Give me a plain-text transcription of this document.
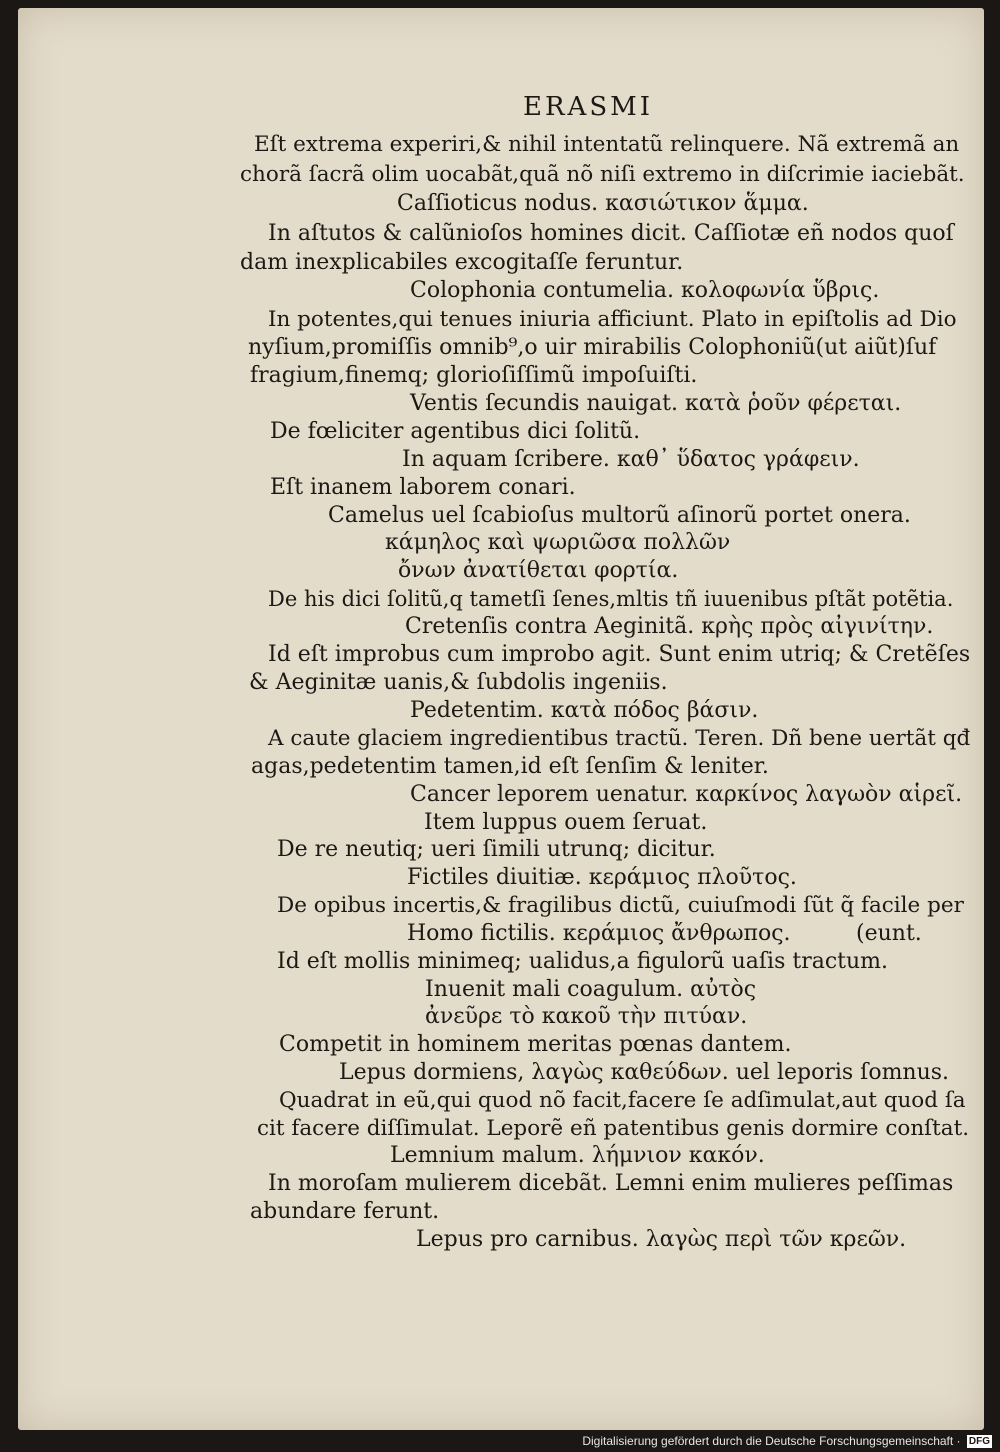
ERASMI

Eſt extrema experiri,& nihil intentatũ relinquere. Nã extremã an

chorã ſacrã olim uocabãt,quã nõ niſi extremo in diſcrimie iaciebãt.

Caſſioticus nodus. κασιώτικον ἅμμα.

In aſtutos & calũnioſos homines dicit. Caſſiotæ eñ nodos quoſ

dam inexplicabiles excogitaſſe feruntur.

Colophonia contumelia. κολοφωνία ὕβρις.

In potentes,qui tenues iniuria afficiunt. Plato in epiſtolis ad Dio

nyſium,promiſſis omnib⁹,o uir mirabilis Colophoniũ(ut aiũt)ſuf

fragium,finemq; glorioſiſſimũ impoſuiſti.

Ventis ſecundis nauigat. κατὰ ῥοῦν φέρεται.

De fœliciter agentibus dici ſolitũ.

In aquam ſcribere. καθ᾽ ὕδατος γράφειν.

Eſt inanem laborem conari.

Camelus uel ſcabioſus multorũ aſinorũ portet onera.

κάμηλος καὶ ψωριῶσα πολλῶν

ὄνων ἀνατίθεται φορτία.

De his dici ſolitũ,q tametſi ſenes,mltis tñ iuuenibus pſtãt potẽtia.

Cretenſis contra Aeginitã. κρὴς πρὸς αἰγινίτην.

Id eſt improbus cum improbo agit. Sunt enim utriq; & Cretẽſes

& Aeginitæ uanis,& ſubdolis ingeniis.

Pedetentim. κατὰ πόδος βάσιν.

A caute glaciem ingredientibus tractũ. Teren. Dñ bene uertãt qđ

agas,pedetentim tamen,id eſt ſenſim & leniter.

Cancer leporem uenatur. καρκίνος λαγωὸν αἱρεῖ.

Item luppus ouem ſeruat.

De re neutiq; ueri ſimili utrunq; dicitur.

Fictiles diuitiæ. κεράμιος πλοῦτος.

De opibus incertis,& fragilibus dictũ, cuiuſmodi ſũt q̃ facile per

Homo fictilis. κεράμιος ἄνθρωπος.	(eunt.

Id eſt mollis minimeq; ualidus,a figulorũ uaſis tractum.

Inuenit mali coagulum. αὐτὸς

ἀνεῦρε τὸ κακοῦ τὴν πιτύαν.

Competit in hominem meritas pœnas dantem.

Lepus dormiens, λαγὼς καθεύδων. uel leporis ſomnus.

Quadrat in eũ,qui quod nõ facit,facere ſe adſimulat,aut quod ſa

cit facere diſſimulat. Leporẽ eñ patentibus genis dormire conſtat.

Lemnium malum. λήμνιον κακόν.

In moroſam mulierem dicebãt. Lemni enim mulieres peſſimas

abundare ferunt.

Lepus pro carnibus. λαγὼς περὶ τῶν κρεῶν.

Digitalisierung gefördert durch die Deutsche Forschungsgemeinschaft · DFG
